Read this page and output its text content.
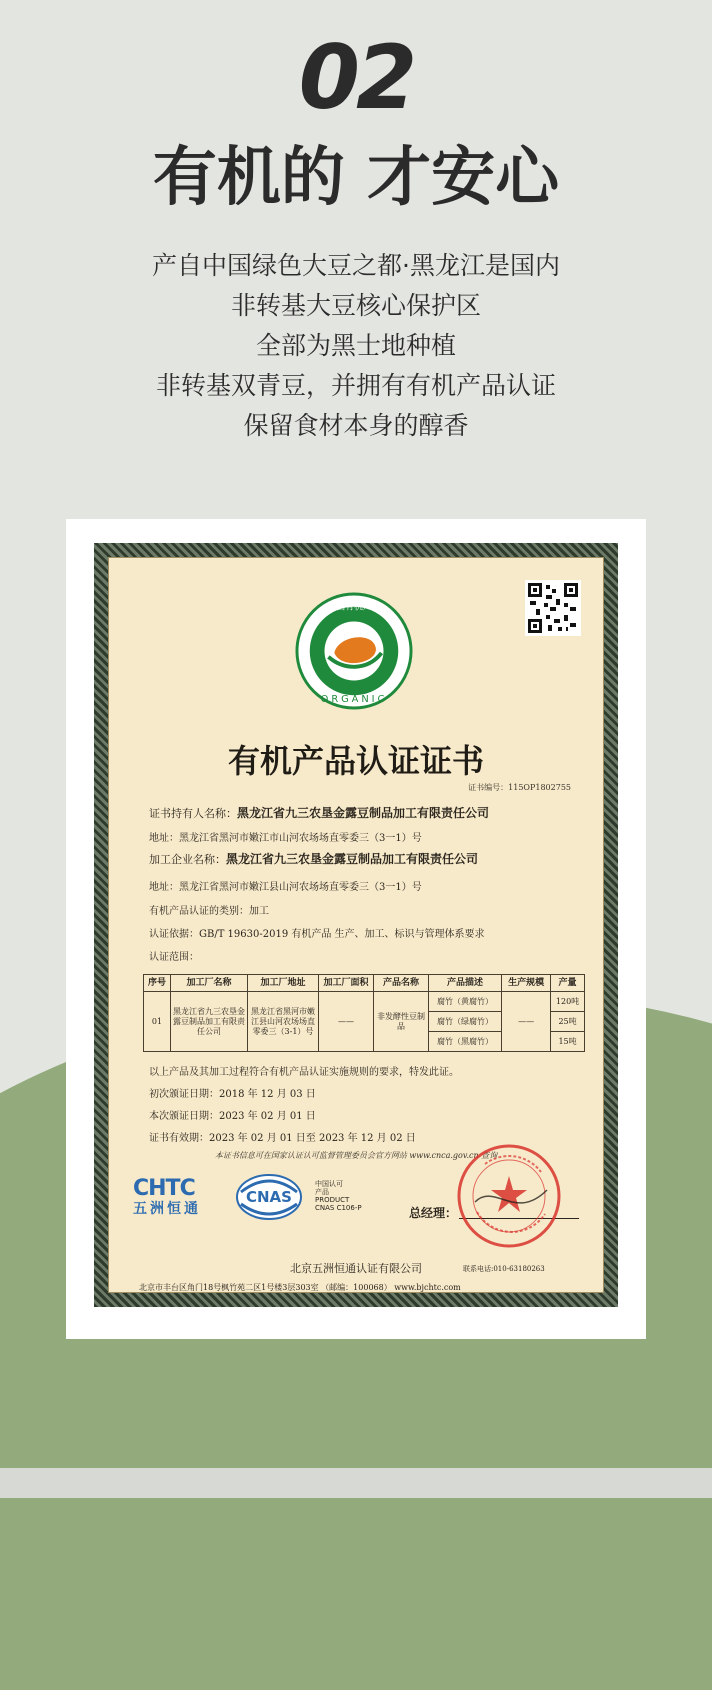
02
有机的 才安心
产自中国绿色大豆之都·黑龙江是国内
非转基大豆核心保护区
全部为黑士地种植
非转基双青豆，并拥有有机产品认证
保留食材本身的醇香
中国有机产品
ORGANIC
有机产品认证证书
证书编号：115OP1802755
证书持有人名称：黑龙江省九三农垦金露豆制品加工有限责任公司
地址：黑龙江省黑河市嫩江市山河农场场直零委三（3一1）号
加工企业名称：黑龙江省九三农垦金露豆制品加工有限责任公司
地址：黑龙江省黑河市嫩江县山河农场场直零委三（3一1）号
有机产品认证的类别：加工
认证依据：GB/T 19630-2019 有机产品 生产、加工、标识与管理体系要求
认证范围：
序号	加工厂名称	加工厂地址	加工厂面积	产品名称	产品描述	生产规模	产量
01	黑龙江省九三农垦金露豆制品加工有限责任公司	黑龙江省黑河市嫩江县山河农场场直零委三（3-1）号	——	非发酵性豆制品	腐竹（黄腐竹）	——	120吨
					腐竹（绿腐竹）		25吨
					腐竹（黑腐竹）		15吨
以上产品及其加工过程符合有机产品认证实施规则的要求，特发此证。
初次颁证日期：2018 年 12 月 03 日
本次颁证日期：2023 年 02 月 01 日
证书有效期：2023 年 02 月 01 日至 2023 年 12 月 02 日
本证书信息可在国家认证认可监督管理委员会官方网站 www.cnca.gov.cn 查询
CHTC
五洲恒通
CNAS
中国认可
产品
PRODUCT
CNAS C106-P	总经理：
北京五洲恒通认证有限公司	联系电话:010-63180263
北京市丰台区角门18号枫竹苑二区1号楼3层303室 （邮编：100068） www.bjchtc.com
